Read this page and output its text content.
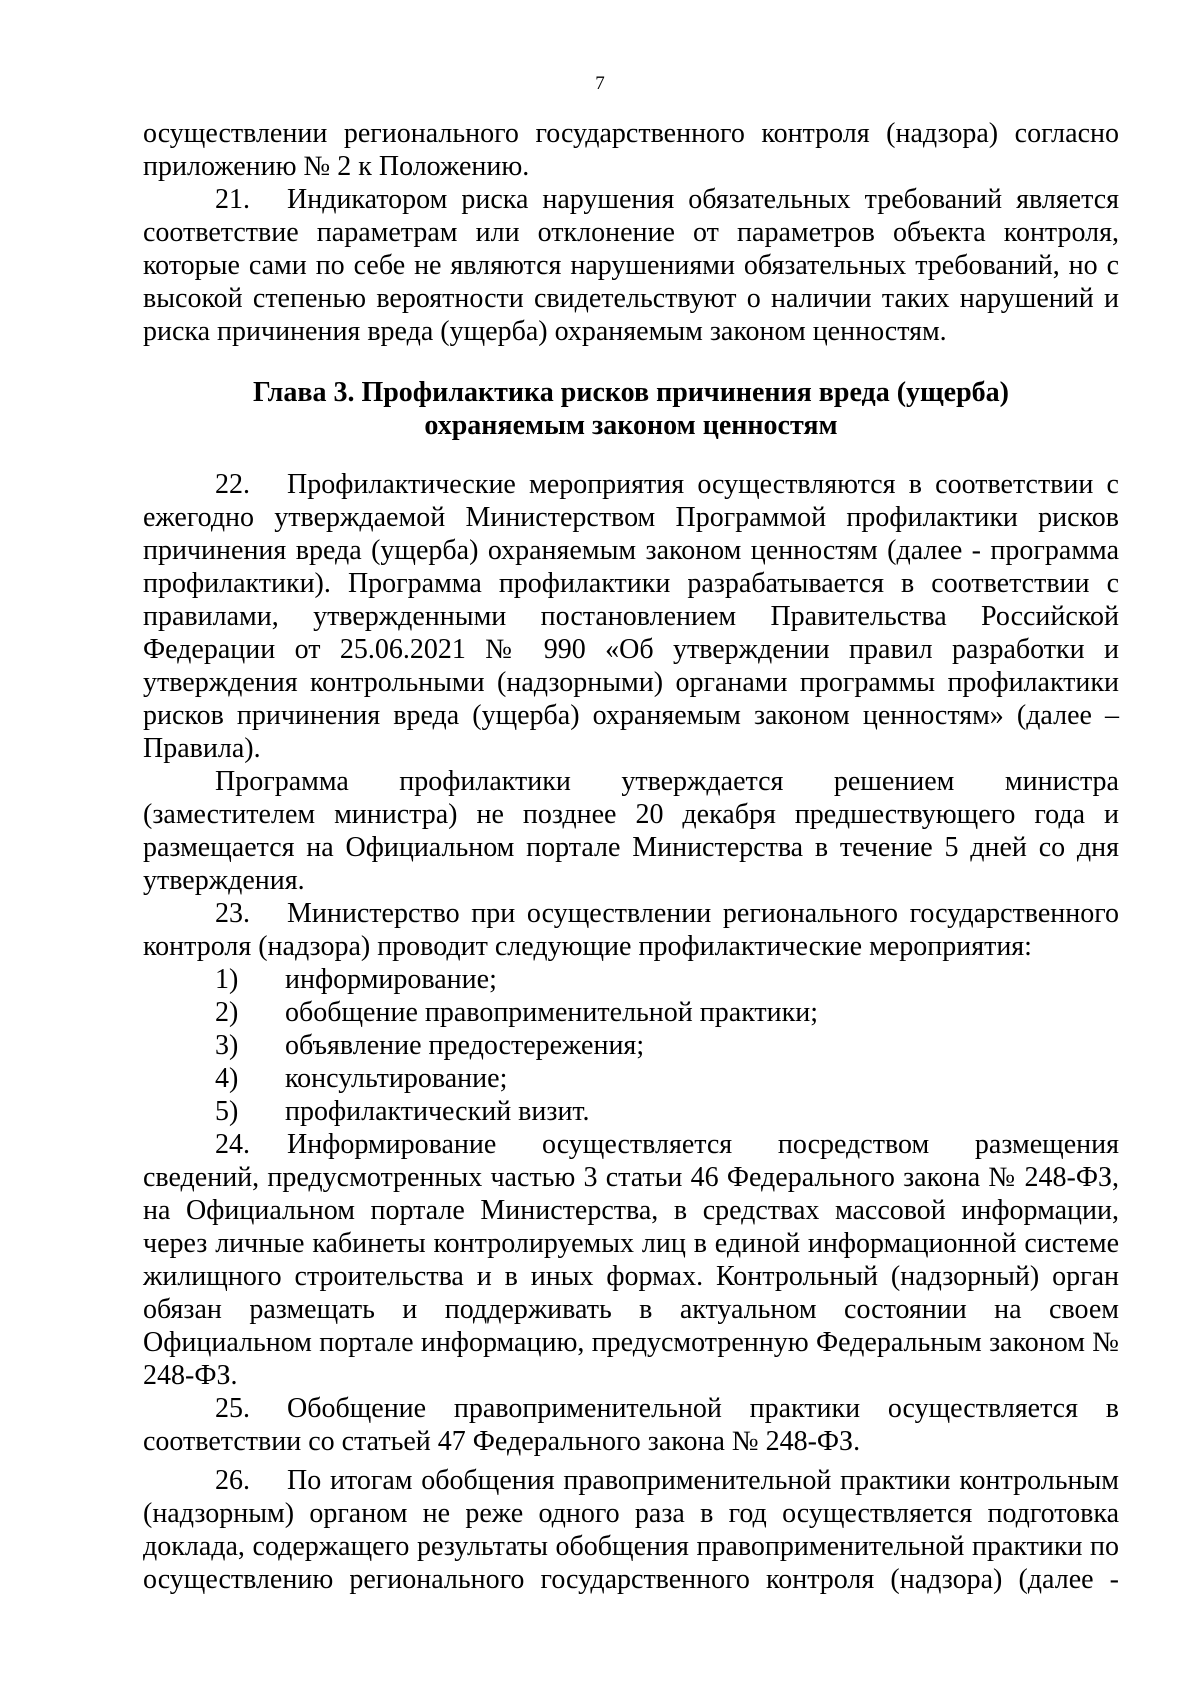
7

осуществлении регионального государственного контроля (надзора) согласно приложению № 2 к Положению.

21. Индикатором риска нарушения обязательных требований является соответствие параметрам или отклонение от параметров объекта контроля, которые сами по себе не являются нарушениями обязательных требований, но с высокой степенью вероятности свидетельствуют о наличии таких нарушений и риска причинения вреда (ущерба) охраняемым законом ценностям.

Глава 3. Профилактика рисков причинения вреда (ущерба)
охраняемым законом ценностям

22. Профилактические мероприятия осуществляются в соответствии с ежегодно утверждаемой Министерством Программой профилактики рисков причинения вреда (ущерба) охраняемым законом ценностям (далее - программа профилактики). Программа профилактики разрабатывается в соответствии с правилами, утвержденными постановлением Правительства Российской Федерации от 25.06.2021 № 990 «Об утверждении правил разработки и утверждения контрольными (надзорными) органами программы профилактики рисков причинения вреда (ущерба) охраняемым законом ценностям» (далее – Правила).

Программа профилактики утверждается решением министра (заместителем министра) не позднее 20 декабря предшествующего года и размещается на Официальном портале Министерства в течение 5 дней со дня утверждения.

23. Министерство при осуществлении регионального государственного контроля (надзора) проводит следующие профилактические мероприятия:

1) информирование;
2) обобщение правоприменительной практики;
3) объявление предостережения;
4) консультирование;
5) профилактический визит.

24. Информирование осуществляется посредством размещения сведений, предусмотренных частью 3 статьи 46 Федерального закона № 248-ФЗ, на Официальном портале Министерства, в средствах массовой информации, через личные кабинеты контролируемых лиц в единой информационной системе жилищного строительства и в иных формах. Контрольный (надзорный) орган обязан размещать и поддерживать в актуальном состоянии на своем Официальном портале информацию, предусмотренную Федеральным законом № 248-ФЗ.

25. Обобщение правоприменительной практики осуществляется в соответствии со статьей 47 Федерального закона № 248-ФЗ.

26. По итогам обобщения правоприменительной практики контрольным (надзорным) органом не реже одного раза в год осуществляется подготовка доклада, содержащего результаты обобщения правоприменительной практики по осуществлению регионального государственного контроля (надзора) (далее -
